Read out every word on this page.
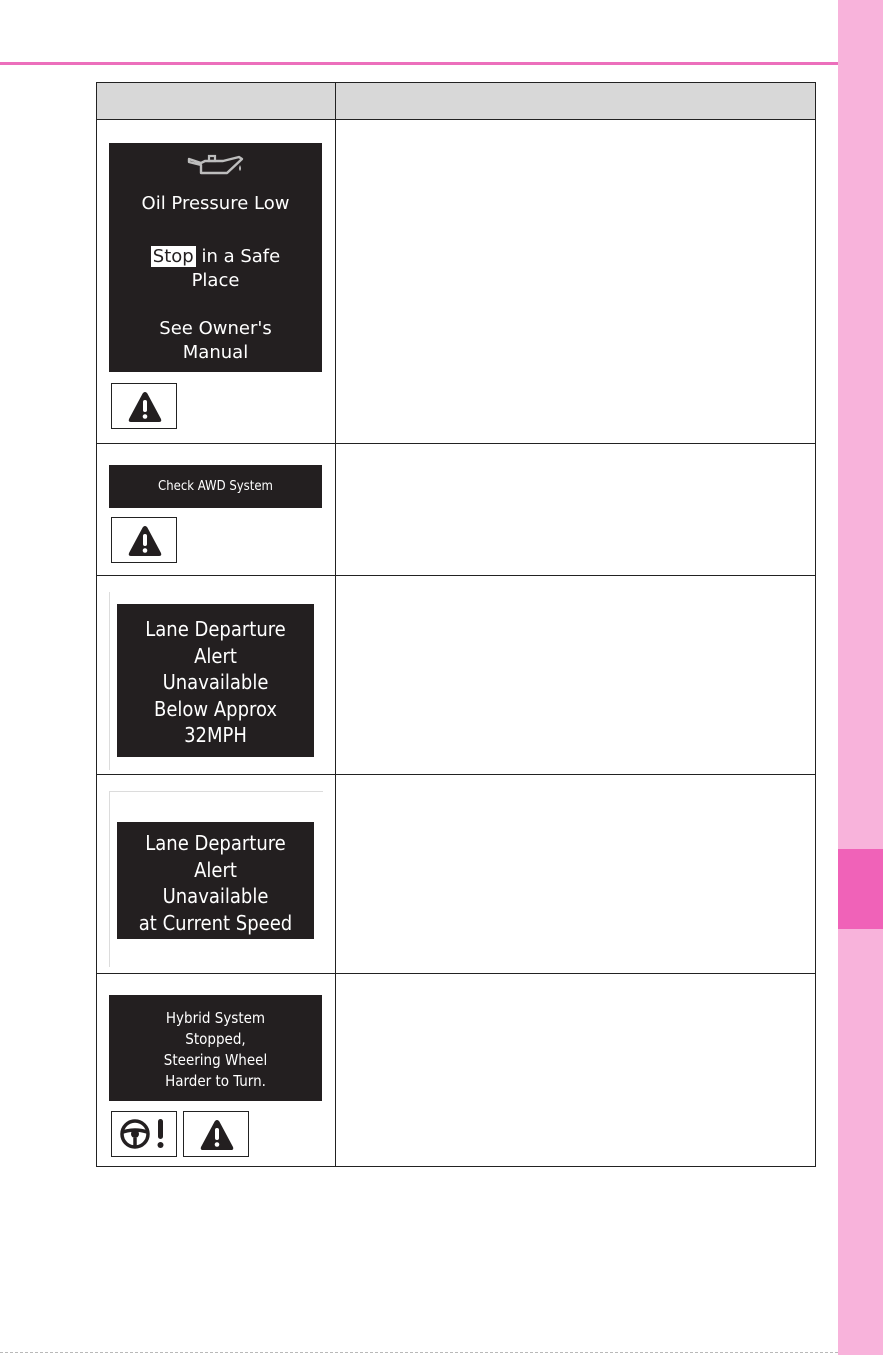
Oil Pressure Low
Stop in a Safe
Place
See Owner's
Manual	

Check AWD System	

Lane Departure
Alert
Unavailable
Below Approx
32MPH	

Lane Departure
Alert
Unavailable
at Current Speed	

Hybrid System
Stopped,
Steering Wheel
Harder to Turn.	
